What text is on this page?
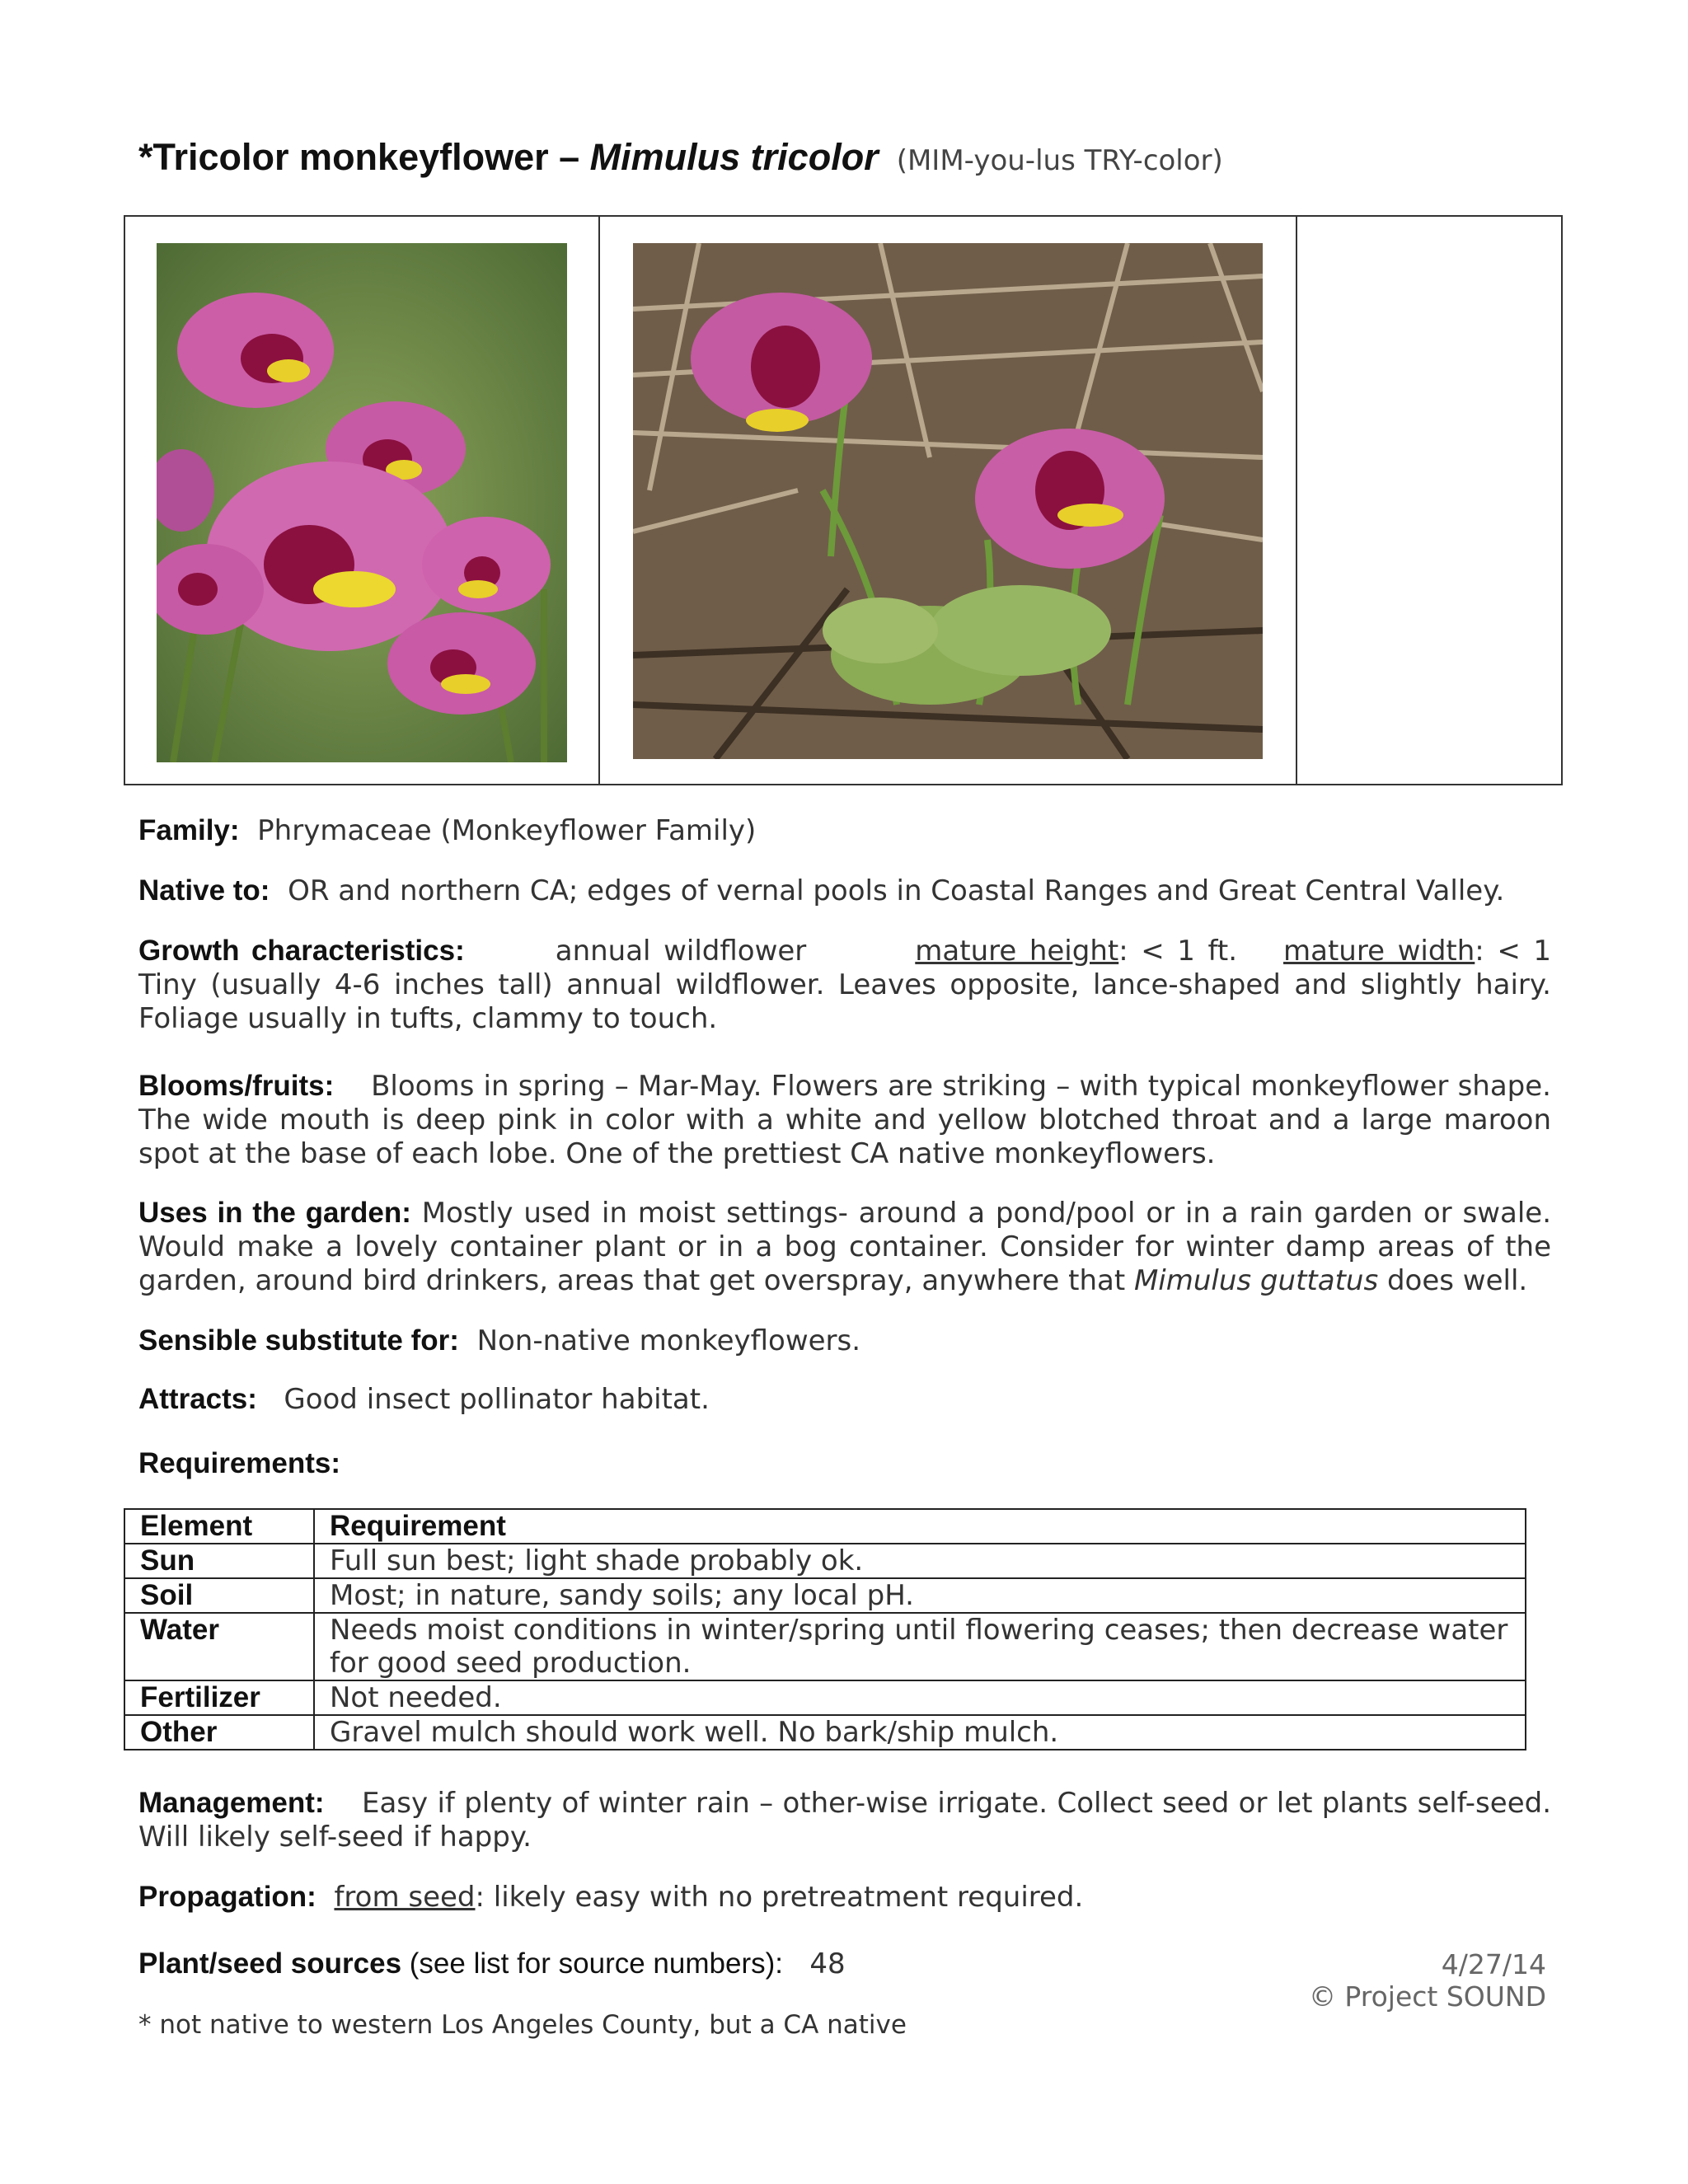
*Tricolor monkeyflower – Mimulus tricolor (MIM-you-lus TRY-color)
Family: Phrymaceae (Monkeyflower Family)
Native to: OR and northern CA; edges of vernal pools in Coastal Ranges and Great Central Valley.
Growth characteristics:	annual wildflower	mature height: < 1 ft. mature width: < 1 Tiny (usually 4-6 inches tall) annual wildflower. Leaves opposite, lance-shaped and slightly hairy. Foliage usually in tufts, clammy to touch.
Blooms/fruits: Blooms in spring – Mar-May. Flowers are striking – with typical monkeyflower shape. The wide mouth is deep pink in color with a white and yellow blotched throat and a large maroon spot at the base of each lobe. One of the prettiest CA native monkeyflowers.
Uses in the garden: Mostly used in moist settings- around a pond/pool or in a rain garden or swale. Would make a lovely container plant or in a bog container. Consider for winter damp areas of the garden, around bird drinkers, areas that get overspray, anywhere that Mimulus guttatus does well.
Sensible substitute for: Non-native monkeyflowers.
Attracts: Good insect pollinator habitat.
Requirements:
Element	Requirement
Sun	Full sun best; light shade probably ok.
Soil	Most; in nature, sandy soils; any local pH.
Water	Needs moist conditions in winter/spring until flowering ceases; then decrease water for good seed production.
Fertilizer	Not needed.
Other	Gravel mulch should work well. No bark/ship mulch.
Management: Easy if plenty of winter rain – other-wise irrigate. Collect seed or let plants self-seed. Will likely self-seed if happy.
Propagation: from seed: likely easy with no pretreatment required.
Plant/seed sources (see list for source numbers): 48	4/27/14
© Project SOUND
* not native to western Los Angeles County, but a CA native
